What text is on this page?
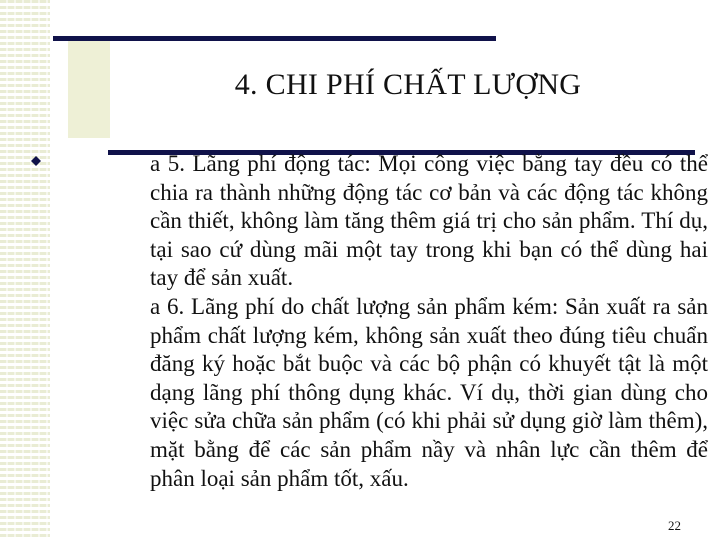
4. CHI PHÍ CHẤT LƯỢNG

a 5. Lãng phí động tác: Mọi công việc bằng tay đều có thể chia ra thành những động tác cơ bản và các động tác không cần thiết, không làm tăng thêm giá trị cho sản phẩm. Thí dụ, tại sao cứ dùng mãi một tay trong khi bạn có thể dùng hai tay để sản xuất.

a 6. Lãng phí do chất lượng sản phẩm kém: Sản xuất ra sản phẩm chất lượng kém, không sản xuất theo đúng tiêu chuẩn đăng ký hoặc bắt buộc và các bộ phận có khuyết tật là một dạng lãng phí thông dụng khác. Ví dụ, thời gian dùng cho việc sửa chữa sản phẩm (có khi phải sử dụng giờ làm thêm), mặt bằng để các sản phẩm nầy và nhân lực cần thêm để phân loại sản phẩm tốt, xấu.

22
